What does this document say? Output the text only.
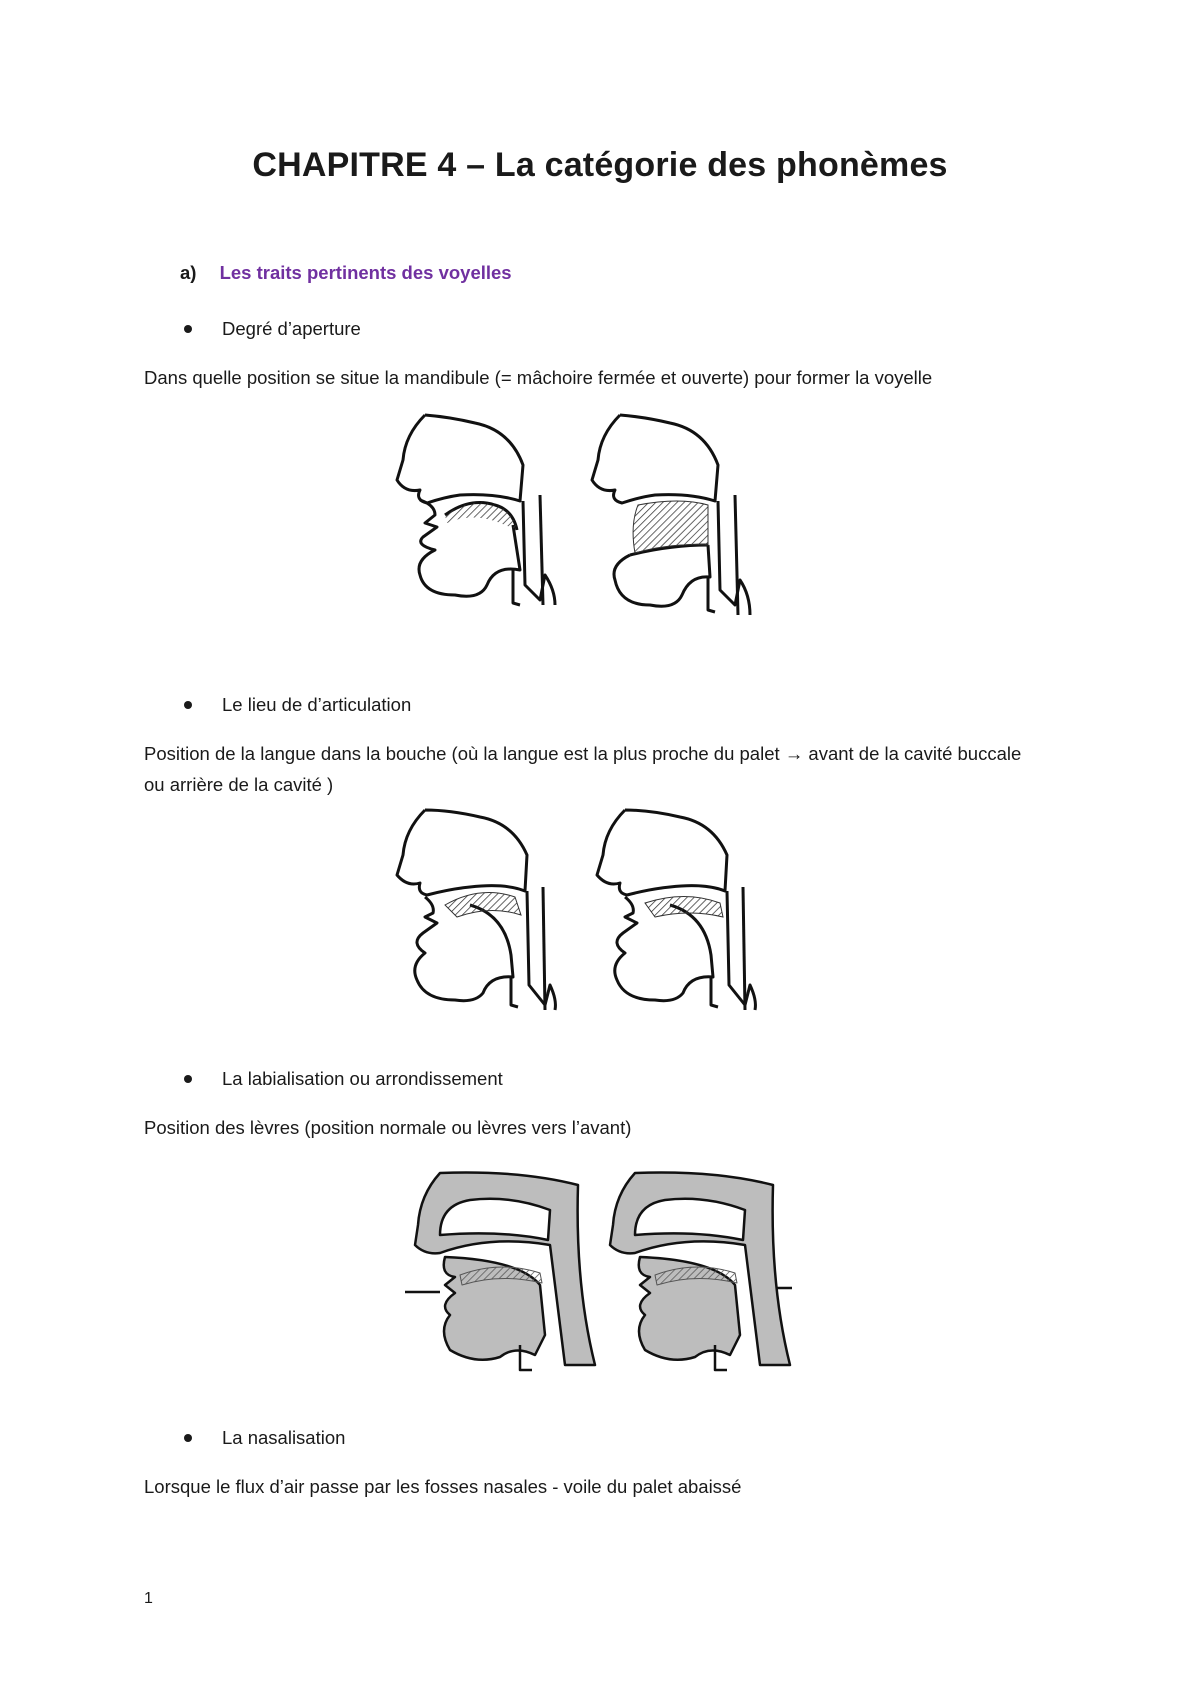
CHAPITRE 4 – La catégorie des phonèmes
a) Les traits pertinents des voyelles
Degré d’aperture
Dans quelle position se situe la mandibule (= mâchoire fermée et ouverte) pour former la voyelle
Le lieu de d’articulation
Position de la langue dans la bouche (où la langue est la plus proche du palet → avant de la cavité buccale ou arrière de la cavité )
La labialisation ou arrondissement
Position des lèvres (position normale ou lèvres vers l’avant)
La nasalisation
Lorsque le flux d’air passe par les fosses nasales - voile du palet abaissé
1
